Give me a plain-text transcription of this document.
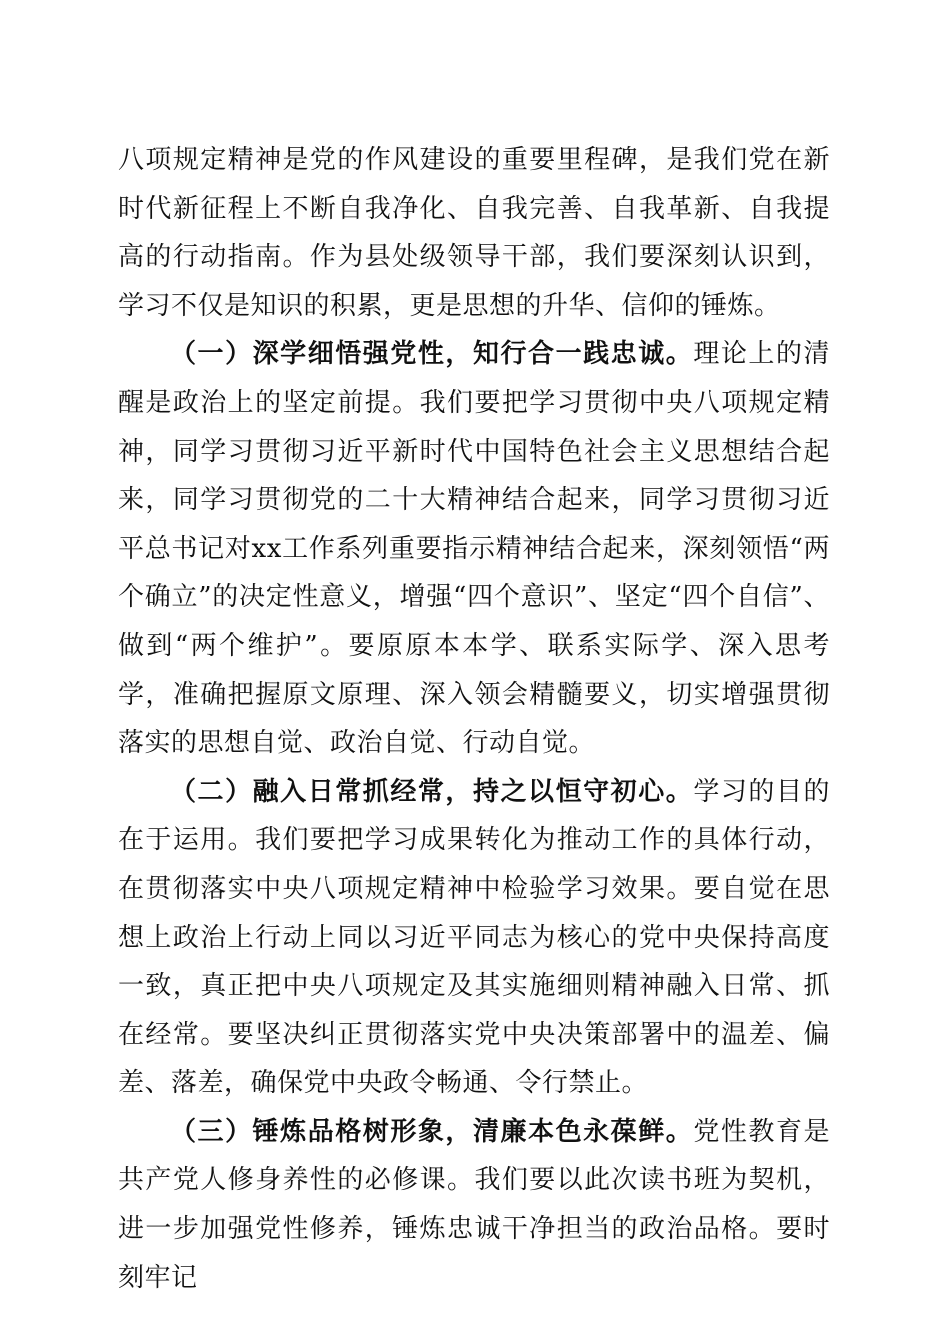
八项规定精神是党的作风建设的重要里程碑，是我们党在新时代新征程上不断自我净化、自我完善、自我革新、自我提高的行动指南。作为县处级领导干部，我们要深刻认识到，学习不仅是知识的积累，更是思想的升华、信仰的锤炼。

（一）深学细悟强党性，知行合一践忠诚。理论上的清醒是政治上的坚定前提。我们要把学习贯彻中央八项规定精神，同学习贯彻习近平新时代中国特色社会主义思想结合起来，同学习贯彻党的二十大精神结合起来，同学习贯彻习近平总书记对xx工作系列重要指示精神结合起来，深刻领悟“两个确立”的决定性意义，增强“四个意识”、坚定“四个自信”、做到“两个维护”。要原原本本学、联系实际学、深入思考学，准确把握原文原理、深入领会精髓要义，切实增强贯彻落实的思想自觉、政治自觉、行动自觉。

（二）融入日常抓经常，持之以恒守初心。学习的目的在于运用。我们要把学习成果转化为推动工作的具体行动，在贯彻落实中央八项规定精神中检验学习效果。要自觉在思想上政治上行动上同以习近平同志为核心的党中央保持高度一致，真正把中央八项规定及其实施细则精神融入日常、抓在经常。要坚决纠正贯彻落实党中央决策部署中的温差、偏差、落差，确保党中央政令畅通、令行禁止。

（三）锤炼品格树形象，清廉本色永葆鲜。党性教育是共产党人修身养性的必修课。我们要以此次读书班为契机，进一步加强党性修养，锤炼忠诚干净担当的政治品格。要时刻牢记
